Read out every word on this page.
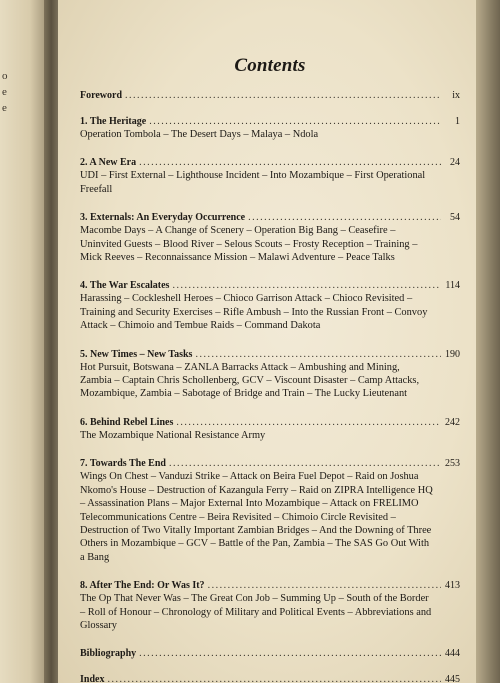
o
e
e
Contents
Foreword .....	ix
1. The Heritage .....	1
Operation Tombola – The Desert Days – Malaya – Ndola
2. A New Era .....	24
UDI – First External – Lighthouse Incident – Into Mozambique – First Operational Freefall
3. Externals: An Everyday Occurrence .....	54
Macombe Days – A Change of Scenery – Operation Big Bang – Ceasefire – Uninvited Guests – Blood River – Selous Scouts – Frosty Reception – Training – Mick Reeves – Reconnaissance Mission – Malawi Adventure – Peace Talks
4. The War Escalates .....	114
Harassing – Cockleshell Heroes – Chioco Garrison Attack – Chioco Revisited – Training and Security Exercises – Rifle Ambush – Into the Russian Front – Convoy Attack – Chimoio and Tembue Raids – Command Dakota
5. New Times – New Tasks .....	190
Hot Pursuit, Botswana – ZANLA Barracks Attack – Ambushing and Mining, Zambia – Captain Chris Schollenberg, GCV – Viscount Disaster – Camp Attacks, Mozambique, Zambia – Sabotage of Bridge and Train – The Lucky Lieutenant
6. Behind Rebel Lines .....	242
The Mozambique National Resistance Army
7. Towards The End .....	253
Wings On Chest – Vanduzi Strike – Attack on Beira Fuel Depot – Raid on Joshua Nkomo's House – Destruction of Kazangula Ferry – Raid on ZIPRA Intelligence HQ – Assassination Plans – Major External Into Mozambique – Attack on FRELIMO Telecommunications Centre – Beira Revisited – Chimoio Circle Revisited – Destruction of Two Vitally Important Zambian Bridges – And the Downing of Three Others in Mozambique – GCV – Battle of the Pan, Zambia – The SAS Go Out With a Bang
8. After The End: Or Was It? .....	413
The Op That Never Was – The Great Con Job – Summing Up – South of the Border – Roll of Honour – Chronology of Military and Political Events – Abbreviations and Glossary
Bibliography .....	444
Index .....	445
